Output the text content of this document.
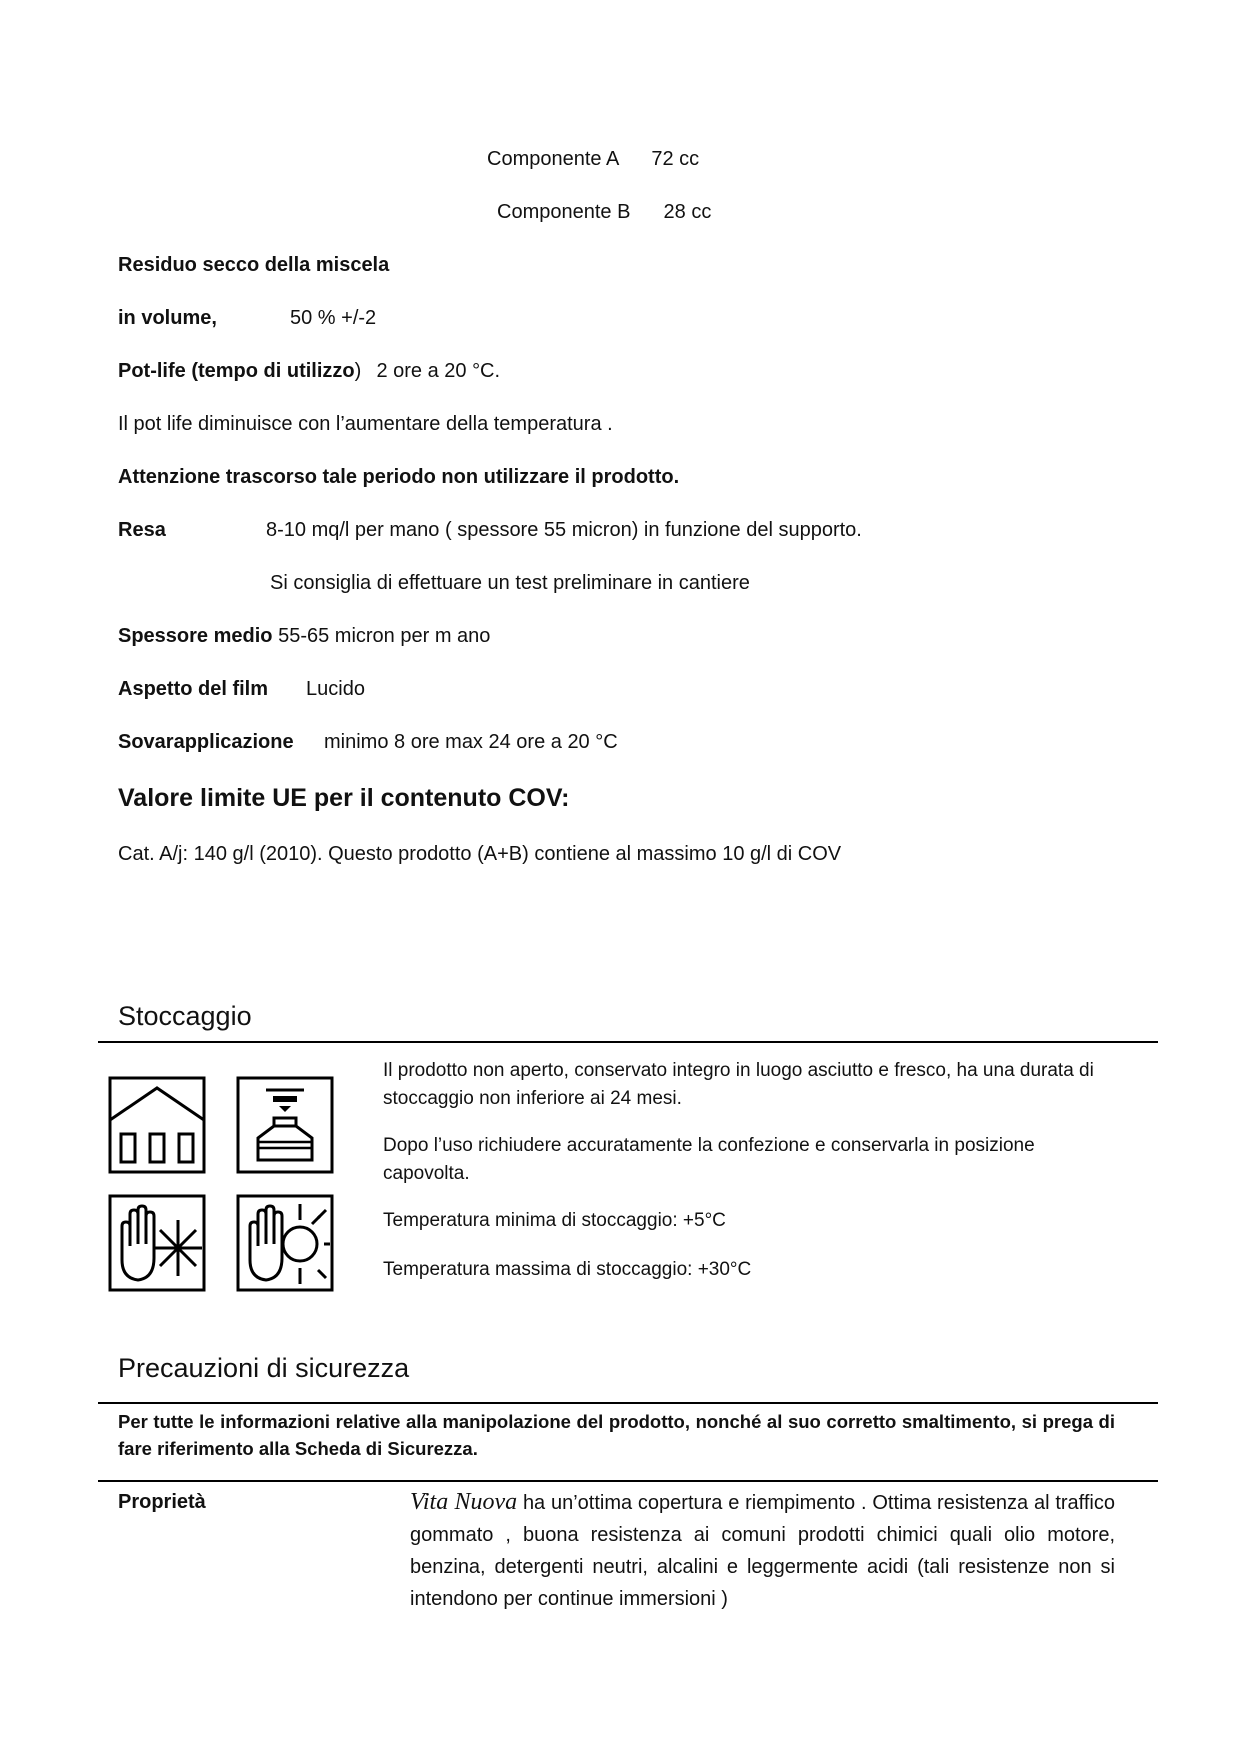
Componente A 72 cc
Componente B 28 cc
Residuo secco della miscela
in volume,	50 % +/-2
Pot-life (tempo di utilizzo) 2 ore a 20 °C.
Il pot life diminuisce con l’aumentare della temperatura .
Attenzione trascorso tale periodo non utilizzare il prodotto.
Resa	8-10 mq/l per mano ( spessore 55 micron) in funzione del supporto.
Si consiglia di effettuare un test preliminare in cantiere
Spessore medio 55-65 micron per m ano
Aspetto del film Lucido
Sovarapplicazione minimo 8 ore max 24 ore a 20 °C
Valore limite UE per il contenuto COV:
Cat. A/j: 140 g/l (2010). Questo prodotto (A+B) contiene al massimo 10 g/l di COV
Stoccaggio
Il prodotto non aperto, conservato integro in luogo asciutto e fresco, ha una durata di stoccaggio non inferiore ai 24 mesi.
Dopo l’uso richiudere accuratamente la confezione e conservarla in posizione capovolta.
Temperatura minima di stoccaggio: +5°C
Temperatura massima di stoccaggio: +30°C
Precauzioni di sicurezza
Per tutte le informazioni relative alla manipolazione del prodotto, nonché al suo corretto smaltimento, si prega di fare riferimento alla Scheda di Sicurezza.
Proprietà	Vita Nuova ha un’ottima copertura e riempimento . Ottima resistenza al traffico gommato , buona resistenza ai comuni prodotti chimici quali olio motore, benzina, detergenti neutri, alcalini e leggermente acidi (tali resistenze non si intendono per continue immersioni )
